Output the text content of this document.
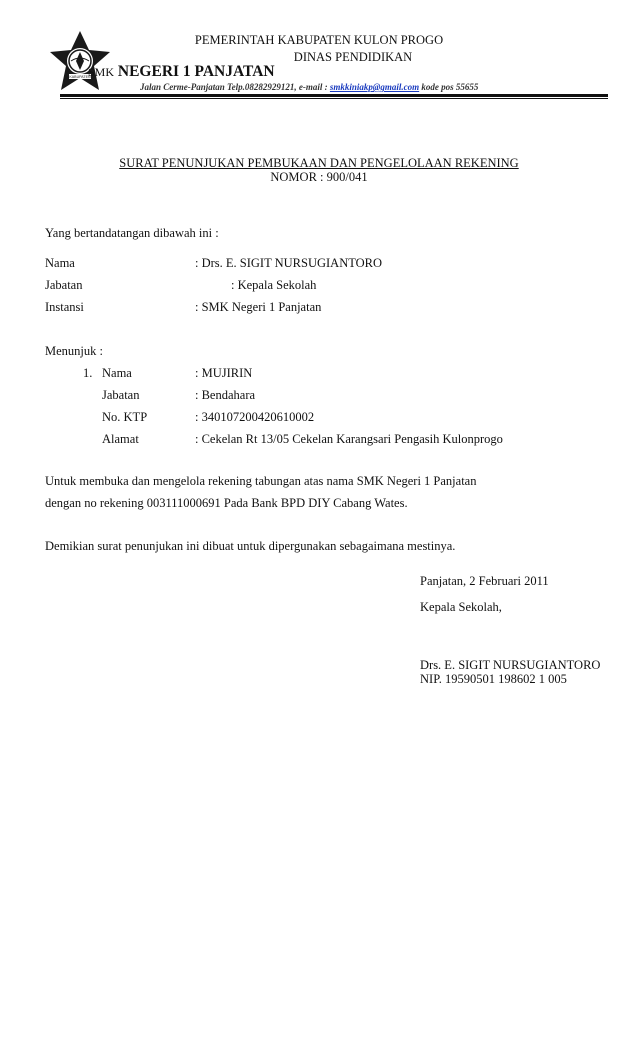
KABUPATEN
PEMERINTAH KABUPATEN KULON PROGO
DINAS PENDIDIKAN
SMK NEGERI 1 PANJATAN
Jalan Cerme-Panjatan Telp.08282929121, e-mail : smkkiniakp@gmail.com kode pos 55655
SURAT PENUNJUKAN PEMBUKAAN DAN PENGELOLAAN REKENING
NOMOR : 900/041
Yang bertandatangan dibawah ini :
Nama	: Drs. E. SIGIT NURSUGIANTORO
Jabatan	: Kepala Sekolah
Instansi	: SMK Negeri 1 Panjatan
Menunjuk :
1. Nama	: MUJIRIN
Jabatan	: Bendahara
No. KTP	: 340107200420610002
Alamat	: Cekelan Rt 13/05 Cekelan Karangsari Pengasih Kulonprogo
Untuk membuka dan mengelola rekening tabungan atas nama SMK Negeri 1 Panjatan
dengan no rekening 003111000691 Pada Bank BPD DIY Cabang Wates.
Demikian surat penunjukan ini dibuat untuk dipergunakan sebagaimana mestinya.
Panjatan, 2 Februari 2011
Kepala Sekolah,
Drs. E. SIGIT NURSUGIANTORO
NIP. 19590501 198602 1 005
